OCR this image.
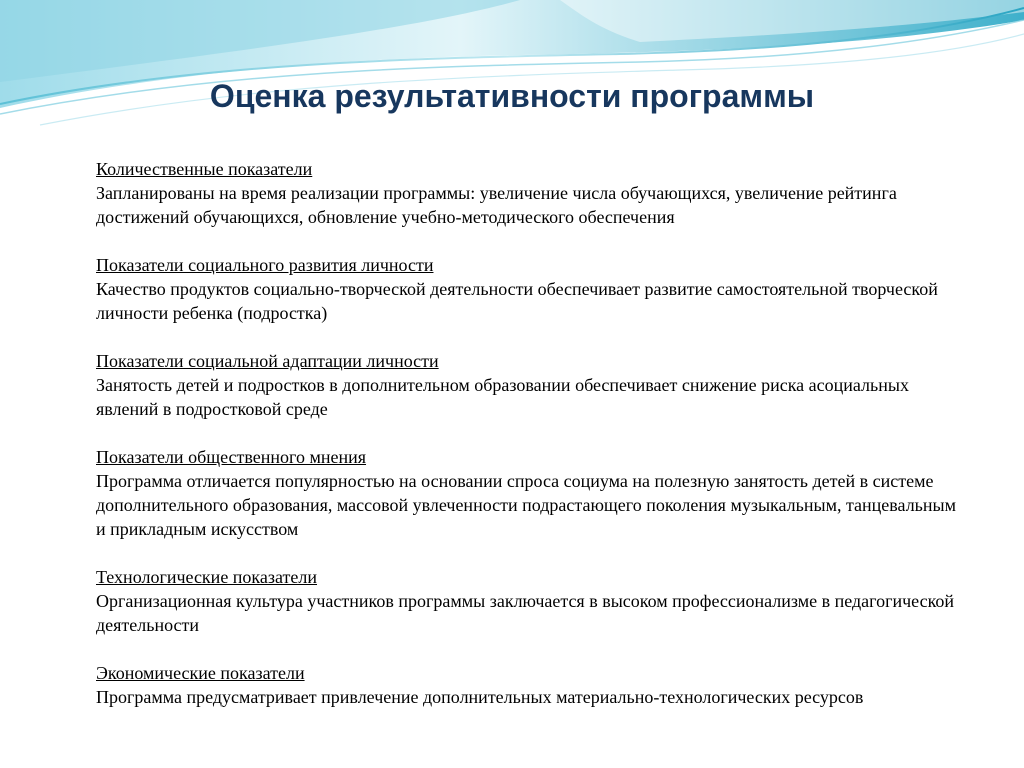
Оценка результативности программы
Количественные показатели
Запланированы на время реализации программы: увеличение числа обучающихся, увеличение рейтинга достижений обучающихся, обновление учебно-методического обеспечения
Показатели социального развития личности
Качество продуктов социально-творческой деятельности обеспечивает развитие самостоятельной творческой личности ребенка (подростка)
Показатели социальной адаптации личности
Занятость детей и подростков в дополнительном образовании обеспечивает снижение риска асоциальных явлений в подростковой среде
Показатели общественного мнения
Программа отличается популярностью на основании спроса социума на полезную занятость детей в системе дополнительного образования, массовой увлеченности подрастающего поколения музыкальным, танцевальным и прикладным искусством
Технологические показатели
Организационная культура участников программы заключается в высоком профессионализме в педагогической деятельности
Экономические показатели
Программа предусматривает привлечение дополнительных материально-технологических ресурсов
